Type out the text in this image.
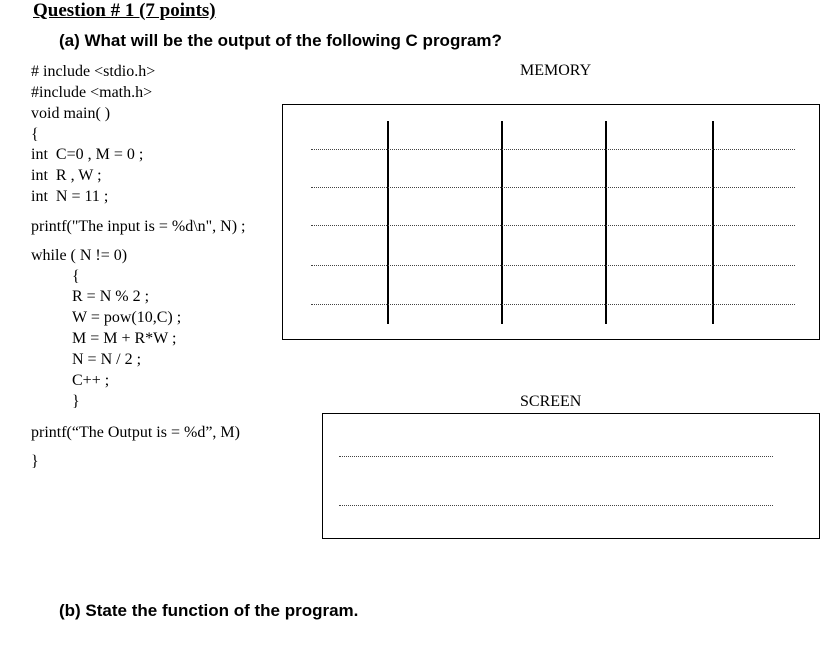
Question # 1 (7 points)
(a) What will be the output of the following C program?
# include <stdio.h>
#include <math.h>
void main( )
{
int  C=0 , M = 0 ;
int  R , W ;
int  N = 11 ;
printf("The input is = %d\n", N) ;
while ( N != 0)
{
R = N % 2 ;
W = pow(10,C) ;
M = M + R*W ;
N = N / 2 ;
C++ ;
}
printf(“The Output is = %d”, M)
}
MEMORY
SCREEN
(b) State the function of the program.
